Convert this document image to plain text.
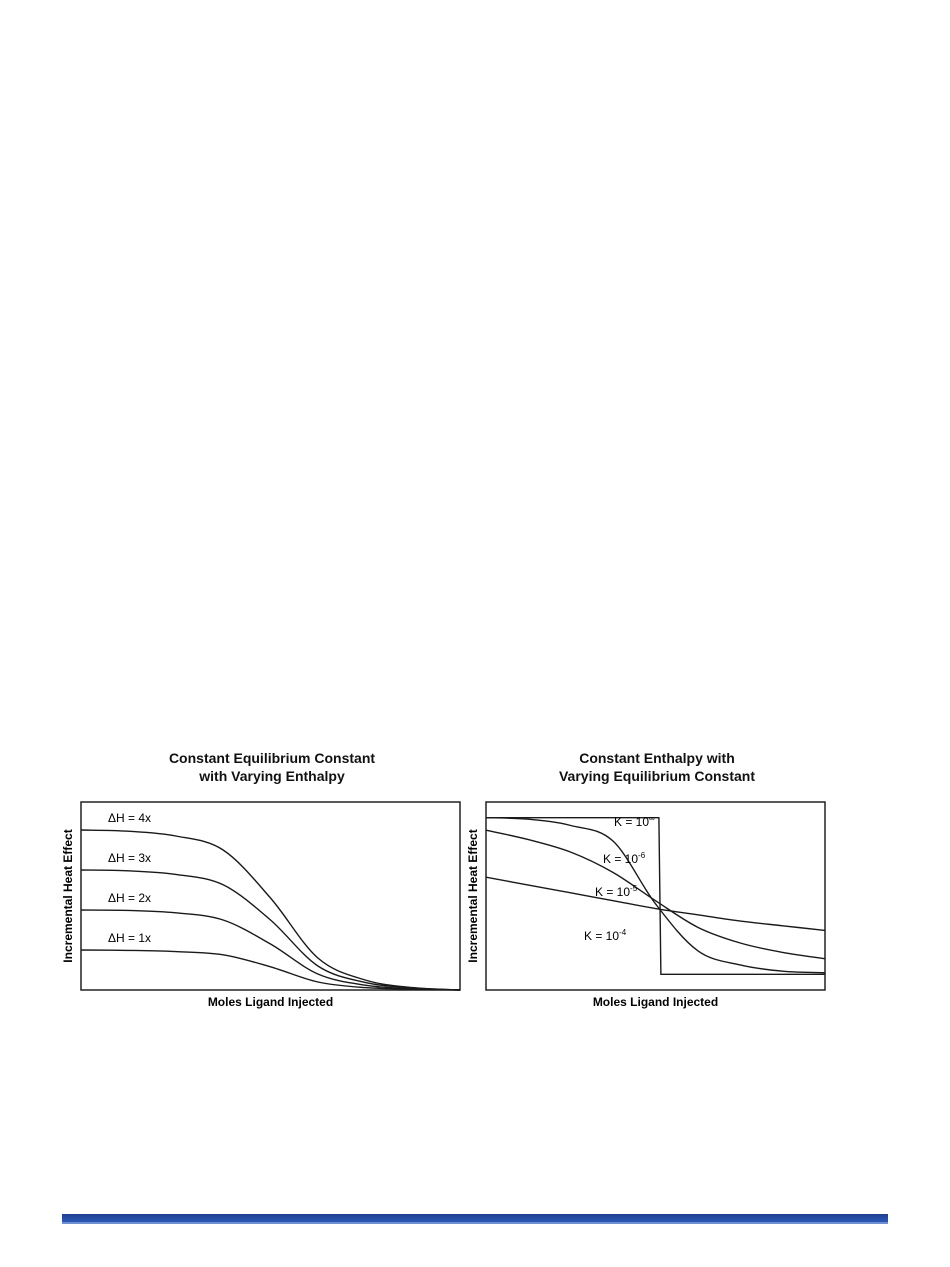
Constant Equilibrium Constant
with Varying Enthalpy
Constant Enthalpy with
Varying Equilibrium Constant
Moles Ligand Injected
Incremental Heat Effect
ΔH = 4x
ΔH = 3x
ΔH = 2x
ΔH = 1x
Moles Ligand Injected
Incremental Heat Effect
K = 10∞
$K = 10^{-6}$
$K = 10^{-5}$
$K = 10^{-4}$
